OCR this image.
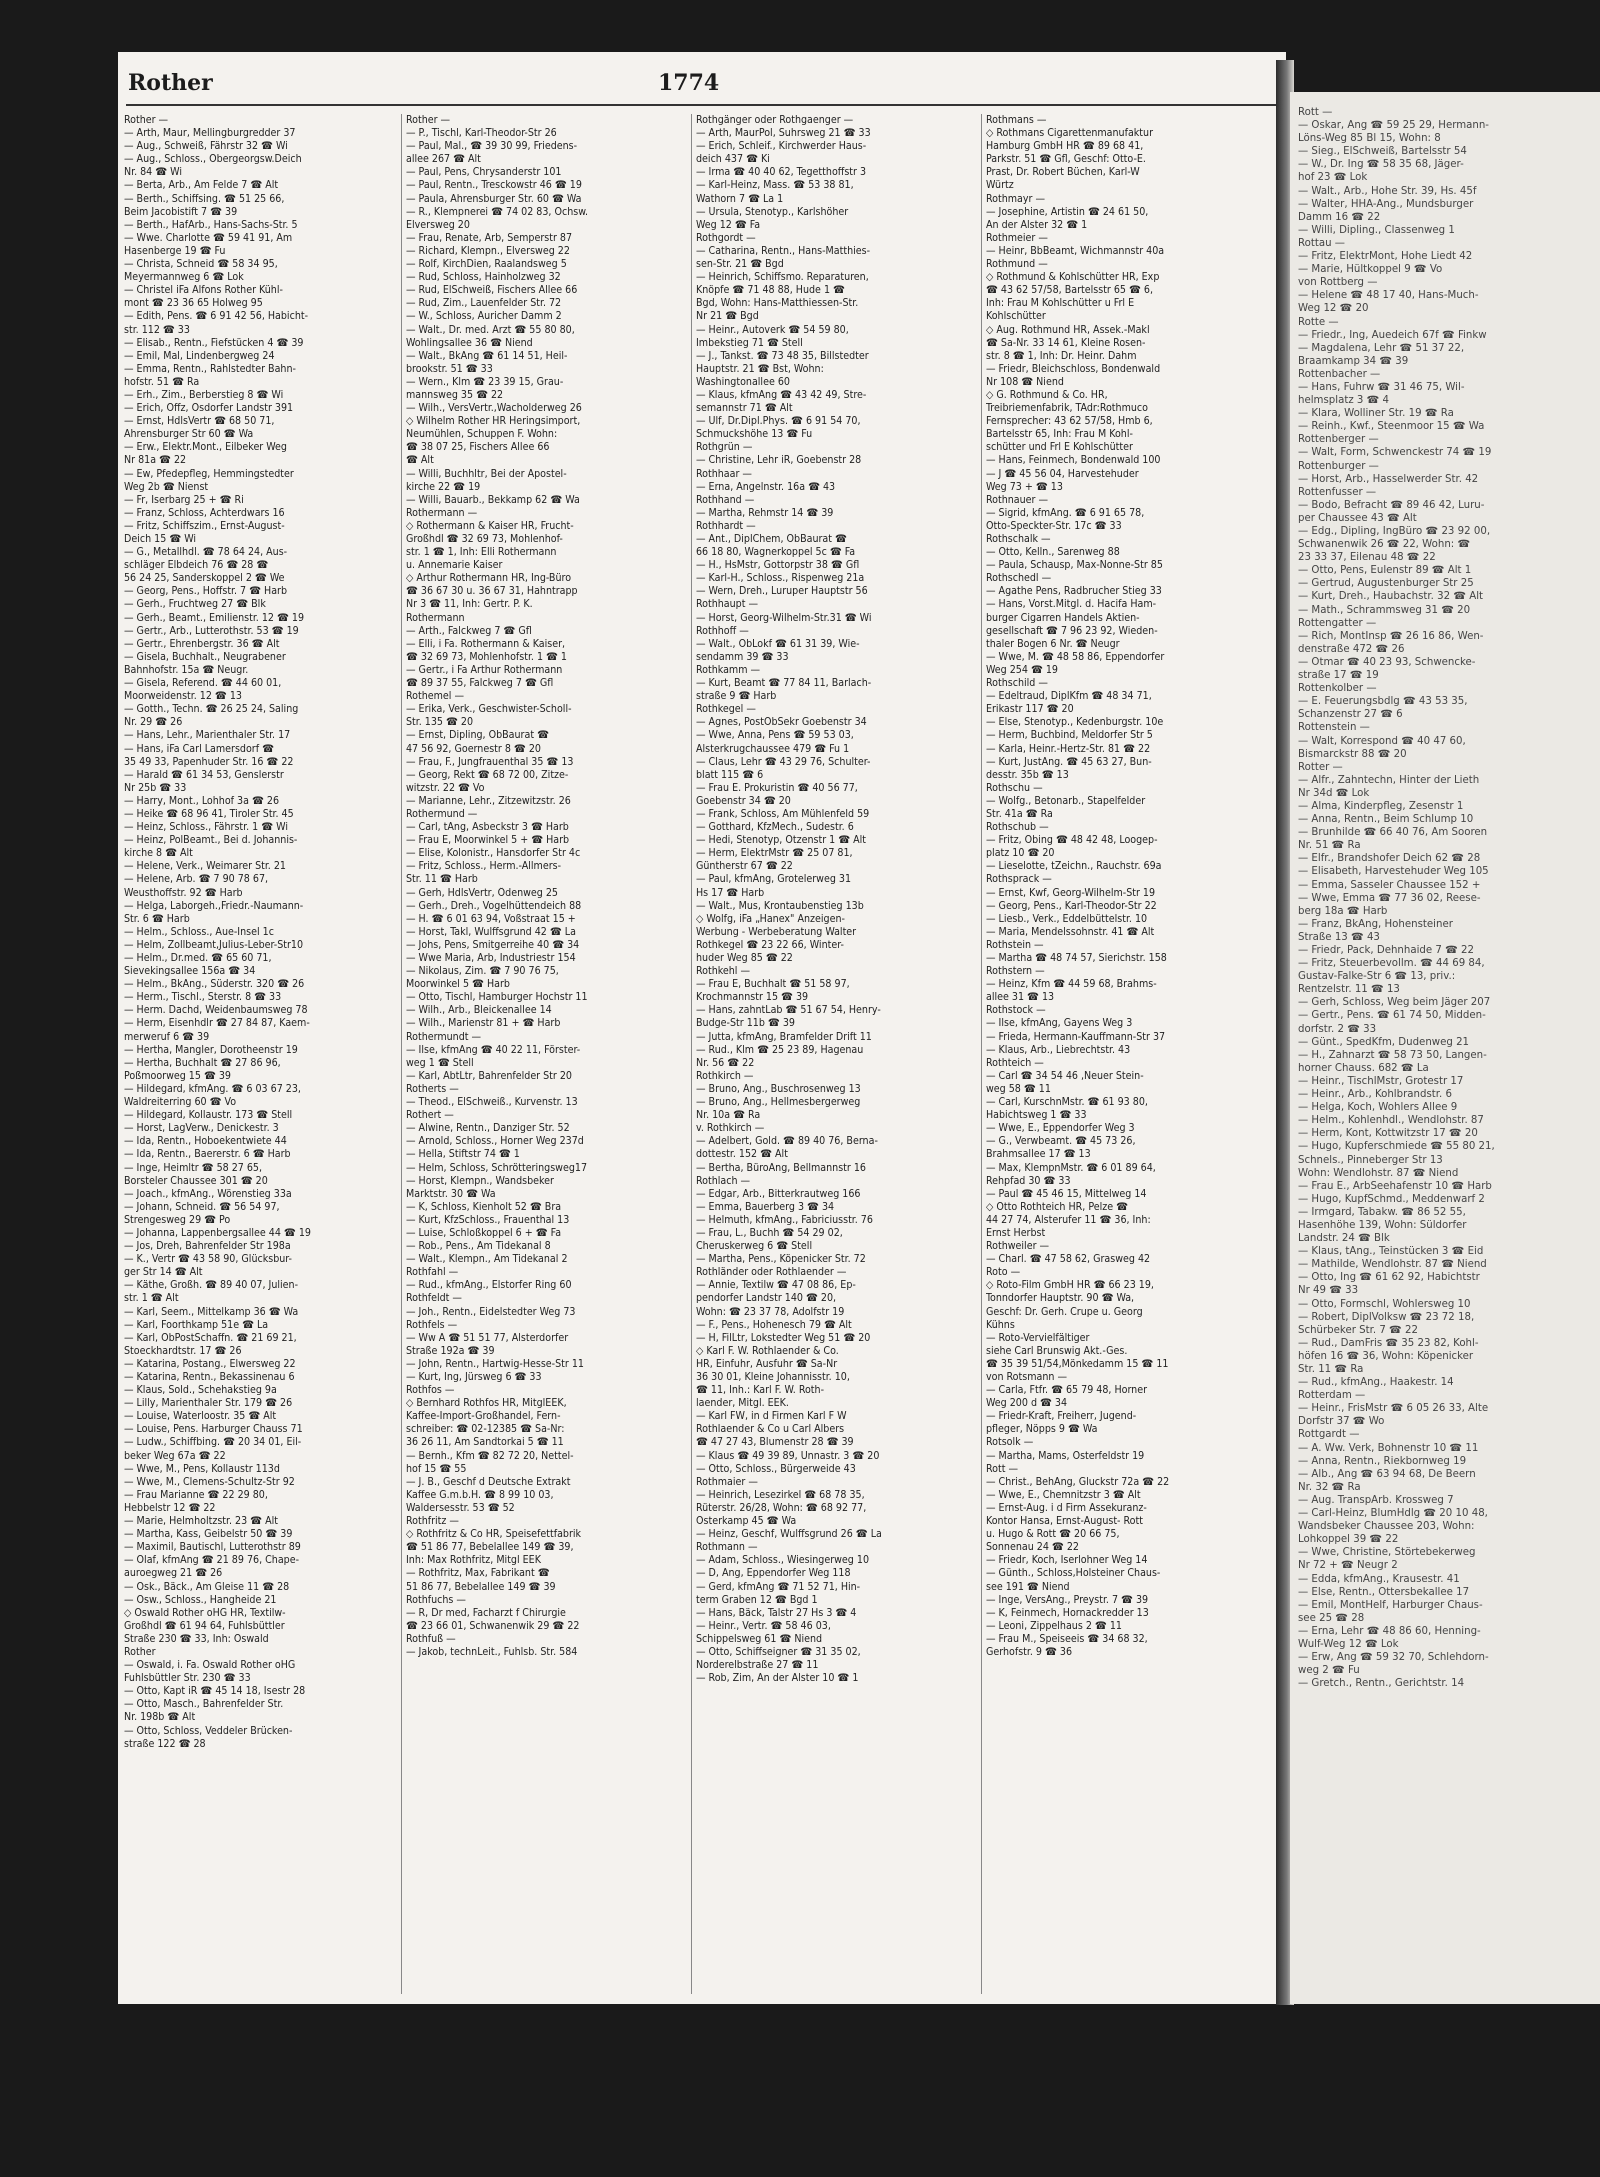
Rother	1774
Rother —
— Arth, Maur, Mellingburgredder 37
— Aug., Schweiß, Fährstr 32 ☎ Wi
— Aug., Schloss., Obergeorgsw.Deich
Nr. 84 ☎ Wi
— Berta, Arb., Am Felde 7 ☎ Alt
— Berth., Schiffsing. ☎ 51 25 66,
Beim Jacobistift 7 ☎ 39
— Berth., HafArb., Hans-Sachs-Str. 5
— Wwe. Charlotte ☎ 59 41 91, Am
Hasenberge 19 ☎ Fu
— Christa, Schneid ☎ 58 34 95,
Meyermannweg 6 ☎ Lok
— Christel iFa Alfons Rother Kühl-
mont ☎ 23 36 65 Holweg 95
— Edith, Pens. ☎ 6 91 42 56, Habicht-
str. 112 ☎ 33
— Elisab., Rentn., Fiefstücken 4 ☎ 39
— Emil, Mal, Lindenbergweg 24
— Emma, Rentn., Rahlstedter Bahn-
hofstr. 51 ☎ Ra
— Erh., Zim., Berberstieg 8 ☎ Wi
— Erich, Offz, Osdorfer Landstr 391
— Ernst, HdlsVertr ☎ 68 50 71,
Ahrensburger Str 60 ☎ Wa
— Erw., Elektr.Mont., Eilbeker Weg
Nr 81a ☎ 22
— Ew, Pfedepfleg, Hemmingstedter
Weg 2b ☎ Nienst
— Fr, Iserbarg 25 + ☎ Ri
— Franz, Schloss, Achterdwars 16
— Fritz, Schiffszim., Ernst-August-
Deich 15 ☎ Wi
— G., Metallhdl. ☎ 78 64 24, Aus-
schläger Elbdeich 76 ☎ 28 ☎
56 24 25, Sanderskoppel 2 ☎ We
— Georg, Pens., Hoffstr. 7 ☎ Harb
— Gerh., Fruchtweg 27 ☎ Blk
— Gerh., Beamt., Emilienstr. 12 ☎ 19
— Gertr., Arb., Lutterothstr. 53 ☎ 19
— Gertr., Ehrenbergstr. 36 ☎ Alt
— Gisela, Buchhalt., Neugrabener
Bahnhofstr. 15a ☎ Neugr.
— Gisela, Referend. ☎ 44 60 01,
Moorweidenstr. 12 ☎ 13
— Gotth., Techn. ☎ 26 25 24, Saling
Nr. 29 ☎ 26
— Hans, Lehr., Marienthaler Str. 17
— Hans, iFa Carl Lamersdorf ☎
35 49 33, Papenhuder Str. 16 ☎ 22
— Harald ☎ 61 34 53, Genslerstr
Nr 25b ☎ 33
— Harry, Mont., Lohhof 3a ☎ 26
— Heike ☎ 68 96 41, Tiroler Str. 45
— Heinz, Schloss., Fährstr. 1 ☎ Wi
— Heinz, PolBeamt., Bei d. Johannis-
kirche 8 ☎ Alt
— Helene, Verk., Weimarer Str. 21
— Helene, Arb. ☎ 7 90 78 67,
Weusthoffstr. 92 ☎ Harb
— Helga, Laborgeh.,Friedr.-Naumann-
Str. 6 ☎ Harb
— Helm., Schloss., Aue-Insel 1c
— Helm, Zollbeamt,Julius-Leber-Str10
— Helm., Dr.med. ☎ 65 60 71,
Sievekingsallee 156a ☎ 34
— Helm., BkAng., Süderstr. 320 ☎ 26
— Herm., Tischl., Sterstr. 8 ☎ 33
— Herm. Dachd, Weidenbaumsweg 78
— Herm, Eisenhdlr ☎ 27 84 87, Kaem-
merweruf 6 ☎ 39
— Hertha, Mangler, Dorotheenstr 19
— Hertha, Buchhalt ☎ 27 86 96,
Poßmoorweg 15 ☎ 39
— Hildegard, kfmAng. ☎ 6 03 67 23,
Waldreiterring 60 ☎ Vo
— Hildegard, Kollaustr. 173 ☎ Stell
— Horst, LagVerw., Denickestr. 3
— Ida, Rentn., Hoboekentwiete 44
— Ida, Rentn., Baererstr. 6 ☎ Harb
— Inge, Heimltr ☎ 58 27 65,
Borsteler Chaussee 301 ☎ 20
— Joach., kfmAng., Wörenstieg 33a
— Johann, Schneid. ☎ 56 54 97,
Strengesweg 29 ☎ Po
— Johanna, Lappenbergsallee 44 ☎ 19
— Jos, Dreh, Bahrenfelder Str 198a
— K., Vertr ☎ 43 58 90, Glücksbur-
ger Str 14 ☎ Alt
— Käthe, Großh. ☎ 89 40 07, Julien-
str. 1 ☎ Alt
— Karl, Seem., Mittelkamp 36 ☎ Wa
— Karl, Foorthkamp 51e ☎ La
— Karl, ObPostSchaffn. ☎ 21 69 21,
Stoeckhardtstr. 17 ☎ 26
— Katarina, Postang., Elwersweg 22
— Katarina, Rentn., Bekassinenau 6
— Klaus, Sold., Schehakstieg 9a
— Lilly, Marienthaler Str. 179 ☎ 26
— Louise, Waterloostr. 35 ☎ Alt
— Louise, Pens. Harburger Chauss 71
— Ludw., Schiffbing. ☎ 20 34 01, Eil-
beker Weg 67a ☎ 22
— Wwe, M., Pens, Kollaustr 113d
— Wwe, M., Clemens-Schultz-Str 92
— Frau Marianne ☎ 22 29 80,
Hebbelstr 12 ☎ 22
— Marie, Helmholtzstr. 23 ☎ Alt
— Martha, Kass, Geibelstr 50 ☎ 39
— Maximil, Bautischl, Lutterothstr 89
— Olaf, kfmAng ☎ 21 89 76, Chape-
auroegweg 21 ☎ 26
— Osk., Bäck., Am Gleise 11 ☎ 28
— Osw., Schloss., Hangheide 21
◇ Oswald Rother oHG HR, Textilw-
Großhdl ☎ 61 94 64, Fuhlsbüttler
Straße 230 ☎ 33, Inh: Oswald
Rother
— Oswald, i. Fa. Oswald Rother oHG
Fuhlsbüttler Str. 230 ☎ 33
— Otto, Kapt iR ☎ 45 14 18, Isestr 28
— Otto, Masch., Bahrenfelder Str.
Nr. 198b ☎ Alt
— Otto, Schloss, Veddeler Brücken-
straße 122 ☎ 28
Rother —
— P., Tischl, Karl-Theodor-Str 26
— Paul, Mal., ☎ 39 30 99, Friedens-
allee 267 ☎ Alt
— Paul, Pens, Chrysanderstr 101
— Paul, Rentn., Tresckowstr 46 ☎ 19
— Paula, Ahrensburger Str. 60 ☎ Wa
— R., Klempnerei ☎ 74 02 83, Ochsw.
Elversweg 20
— Frau, Renate, Arb, Semperstr 87
— Richard, Klempn., Elversweg 22
— Rolf, KirchDien, Raalandsweg 5
— Rud, Schloss, Hainholzweg 32
— Rud, ElSchweiß, Fischers Allee 66
— Rud, Zim., Lauenfelder Str. 72
— W., Schloss, Auricher Damm 2
— Walt., Dr. med. Arzt ☎ 55 80 80,
Wohlingsallee 36 ☎ Niend
— Walt., BkAng ☎ 61 14 51, Heil-
brookstr. 51 ☎ 33
— Wern., Klm ☎ 23 39 15, Grau-
mannsweg 35 ☎ 22
— Wilh., VersVertr.,Wacholderweg 26
◇ Wilhelm Rother HR Heringsimport,
Neumühlen, Schuppen F. Wohn:
☎ 38 07 25, Fischers Allee 66
☎ Alt
— Willi, Buchhltr, Bei der Apostel-
kirche 22 ☎ 19
— Willi, Bauarb., Bekkamp 62 ☎ Wa
Rothermann —
◇ Rothermann & Kaiser HR, Frucht-
Großhdl ☎ 32 69 73, Mohlenhof-
str. 1 ☎ 1, Inh: Elli Rothermann
u. Annemarie Kaiser
◇ Arthur Rothermann HR, Ing-Büro
☎ 36 67 30 u. 36 67 31, Hahntrapp
Nr 3 ☎ 11, Inh: Gertr. P. K.
Rothermann
— Arth., Falckweg 7 ☎ Gfl
— Elli, i Fa. Rothermann & Kaiser,
☎ 32 69 73, Mohlenhofstr. 1 ☎ 1
— Gertr., i Fa Arthur Rothermann
☎ 89 37 55, Falckweg 7 ☎ Gfl
Rothemel —
— Erika, Verk., Geschwister-Scholl-
Str. 135 ☎ 20
— Ernst, Dipling, ObBaurat ☎
47 56 92, Goernestr 8 ☎ 20
— Frau, F., Jungfrauenthal 35 ☎ 13
— Georg, Rekt ☎ 68 72 00, Zitze-
witzstr. 22 ☎ Vo
— Marianne, Lehr., Zitzewitzstr. 26
Rothermund —
— Carl, tAng, Asbeckstr 3 ☎ Harb
— Frau E, Moorwinkel 5 + ☎ Harb
— Elise, Kolonistr., Hansdorfer Str 4c
— Fritz, Schloss., Herm.-Allmers-
Str. 11 ☎ Harb
— Gerh, HdlsVertr, Ödenweg 25
— Gerh., Dreh., Vogelhüttendeich 88
— H. ☎ 6 01 63 94, Voßstraat 15 +
— Horst, Takl, Wulffsgrund 42 ☎ La
— Johs, Pens, Smitgerreihe 40 ☎ 34
— Wwe Maria, Arb, Industriestr 154
— Nikolaus, Zim. ☎ 7 90 76 75,
Moorwinkel 5 ☎ Harb
— Otto, Tischl, Hamburger Hochstr 11
— Wilh., Arb., Bleickenallee 14
— Wilh., Marienstr 81 + ☎ Harb
Rothermundt —
— Ilse, kfmAng ☎ 40 22 11, Förster-
weg 1 ☎ Stell
— Karl, AbtLtr, Bahrenfelder Str 20
Rotherts —
— Theod., ElSchweiß., Kurvenstr. 13
Rothert —
— Alwine, Rentn., Danziger Str. 52
— Arnold, Schloss., Horner Weg 237d
— Hella, Stiftstr 74 ☎ 1
— Helm, Schloss, Schrötteringsweg17
— Horst, Klempn., Wandsbeker
Marktstr. 30 ☎ Wa
— K, Schloss, Kienholt 52 ☎ Bra
— Kurt, KfzSchloss., Frauenthal 13
— Luise, Schloßkoppel 6 + ☎ Fa
— Rob., Pens., Am Tidekanal 8
— Walt., Klempn., Am Tidekanal 2
Rothfahl —
— Rud., kfmAng., Elstorfer Ring 60
Rothfeldt —
— Joh., Rentn., Eidelstedter Weg 73
Rothfels —
— Ww A ☎ 51 51 77, Alsterdorfer
Straße 192a ☎ 39
— John, Rentn., Hartwig-Hesse-Str 11
— Kurt, Ing, Jürsweg 6 ☎ 33
Rothfos —
◇ Bernhard Rothfos HR, MitglEEK,
Kaffee-Import-Großhandel, Fern-
schreiber: ☎ 02-12385 ☎ Sa-Nr:
36 26 11, Am Sandtorkai 5 ☎ 11
— Bernh., Kfm ☎ 82 72 20, Nettel-
hof 15 ☎ 55
— J. B., Geschf d Deutsche Extrakt
Kaffee G.m.b.H. ☎ 8 99 10 03,
Waldersesstr. 53 ☎ 52
Rothfritz —
◇ Rothfritz & Co HR, Speisefettfabrik
☎ 51 86 77, Bebelallee 149 ☎ 39,
Inh: Max Rothfritz, Mitgl EEK
— Rothfritz, Max, Fabrikant ☎
51 86 77, Bebelallee 149 ☎ 39
Rothfuchs —
— R, Dr med, Facharzt f Chirurgie
☎ 23 66 01, Schwanenwik 29 ☎ 22
Rothfuß —
— Jakob, technLeit., Fuhlsb. Str. 584
Rothgänger oder Rothgaenger —
— Arth, MaurPol, Suhrsweg 21 ☎ 33
— Erich, Schleif., Kirchwerder Haus-
deich 437 ☎ Ki
— Irma ☎ 40 40 62, Tegetthoffstr 3
— Karl-Heinz, Mass. ☎ 53 38 81,
Wathorn 7 ☎ La 1
— Ursula, Stenotyp., Karlshöher
Weg 12 ☎ Fa
Rothgordt —
— Catharina, Rentn., Hans-Matthies-
sen-Str. 21 ☎ Bgd
— Heinrich, Schiffsmo. Reparaturen,
Knöpfe ☎ 71 48 88, Hude 1 ☎
Bgd, Wohn: Hans-Matthiessen-Str.
Nr 21 ☎ Bgd
— Heinr., Autoverk ☎ 54 59 80,
Imbekstieg 71 ☎ Stell
— J., Tankst. ☎ 73 48 35, Billstedter
Hauptstr. 21 ☎ Bst, Wohn:
Washingtonallee 60
— Klaus, kfmAng ☎ 43 42 49, Stre-
semannstr 71 ☎ Alt
— Ulf, Dr.Dipl.Phys. ☎ 6 91 54 70,
Schmuckshöhe 13 ☎ Fu
Rothgrün —
— Christine, Lehr iR, Goebenstr 28
Rothhaar —
— Erna, Angelnstr. 16a ☎ 43
Rothhand —
— Martha, Rehmstr 14 ☎ 39
Rothhardt —
— Ant., DiplChem, ObBaurat ☎
66 18 80, Wagnerkoppel 5c ☎ Fa
— H., HsMstr, Gottorpstr 38 ☎ Gfl
— Karl-H., Schloss., Rispenweg 21a
— Wern, Dreh., Luruper Hauptstr 56
Rothhaupt —
— Horst, Georg-Wilhelm-Str.31 ☎ Wi
Rothhoff —
— Walt., ObLokf ☎ 61 31 39, Wie-
sendamm 39 ☎ 33
Rothkamm —
— Kurt, Beamt ☎ 77 84 11, Barlach-
straße 9 ☎ Harb
Rothkegel —
— Agnes, PostObSekr Goebenstr 34
— Wwe, Anna, Pens ☎ 59 53 03,
Alsterkrugchaussee 479 ☎ Fu 1
— Claus, Lehr ☎ 43 29 76, Schulter-
blatt 115 ☎ 6
— Frau E. Prokuristin ☎ 40 56 77,
Goebenstr 34 ☎ 20
— Frank, Schloss, Am Mühlenfeld 59
— Gotthard, KfzMech., Sudestr. 6
— Hedi, Stenotyp, Otzenstr 1 ☎ Alt
— Herm, ElektrMstr ☎ 25 07 81,
Güntherstr 67 ☎ 22
— Paul, kfmAng, Grotelerweg 31
Hs 17 ☎ Harb
— Walt., Mus, Krontaubenstieg 13b
◇ Wolfg, iFa „Hanex" Anzeigen-
Werbung - Werbeberatung Walter
Rothkegel ☎ 23 22 66, Winter-
huder Weg 85 ☎ 22
Rothkehl —
— Frau E, Buchhalt ☎ 51 58 97,
Krochmannstr 15 ☎ 39
— Hans, zahntLab ☎ 51 67 54, Henry-
Budge-Str 11b ☎ 39
— Jutta, kfmAng, Bramfelder Drift 11
— Rud., Klm ☎ 25 23 89, Hagenau
Nr. 56 ☎ 22
Rothkirch —
— Bruno, Ang., Buschrosenweg 13
— Bruno, Ang., Hellmesbergerweg
Nr. 10a ☎ Ra
v. Rothkirch —
— Adelbert, Gold. ☎ 89 40 76, Berna-
dottestr. 152 ☎ Alt
— Bertha, BüroAng, Bellmannstr 16
Rothlach —
— Edgar, Arb., Bitterkrautweg 166
— Emma, Bauerberg 3 ☎ 34
— Helmuth, kfmAng., Fabriciusstr. 76
— Frau, L., Buchh ☎ 54 29 02,
Cheruskerweg 6 ☎ Stell
— Martha, Pens., Köpenicker Str. 72
Rothländer oder Rothlaender —
— Annie, Textilw ☎ 47 08 86, Ep-
pendorfer Landstr 140 ☎ 20,
Wohn: ☎ 23 37 78, Adolfstr 19
— F., Pens., Hohenesch 79 ☎ Alt
— H, FilLtr, Lokstedter Weg 51 ☎ 20
◇ Karl F. W. Rothlaender & Co.
HR, Einfuhr, Ausfuhr ☎ Sa-Nr
36 30 01, Kleine Johannisstr. 10,
☎ 11, Inh.: Karl F. W. Roth-
laender, Mitgl. EEK.
— Karl FW, in d Firmen Karl F W
Rothlaender & Co u Carl Albers
☎ 47 27 43, Blumenstr 28 ☎ 39
— Klaus ☎ 49 39 89, Unnastr. 3 ☎ 20
— Otto, Schloss., Bürgerweide 43
Rothmaier —
— Heinrich, Lesezirkel ☎ 68 78 35,
Rüterstr. 26/28, Wohn: ☎ 68 92 77,
Osterkamp 45 ☎ Wa
— Heinz, Geschf, Wulffsgrund 26 ☎ La
Rothmann —
— Adam, Schloss., Wiesingerweg 10
— D, Ang, Eppendorfer Weg 118
— Gerd, kfmAng ☎ 71 52 71, Hin-
term Graben 12 ☎ Bgd 1
— Hans, Bäck, Talstr 27 Hs 3 ☎ 4
— Heinr., Vertr. ☎ 58 46 03,
Schippelsweg 61 ☎ Niend
— Otto, Schiffseigner ☎ 31 35 02,
Norderelbstraße 27 ☎ 11
— Rob, Zim, An der Alster 10 ☎ 1
Rothmans —
◇ Rothmans Cigarettenmanufaktur
Hamburg GmbH HR ☎ 89 68 41,
Parkstr. 51 ☎ Gfl, Geschf: Otto-E.
Prast, Dr. Robert Büchen, Karl-W
Würtz
Rothmayr —
— Josephine, Artistin ☎ 24 61 50,
An der Alster 32 ☎ 1
Rothmeier —
— Heinr, BbBeamt, Wichmannstr 40a
Rothmund —
◇ Rothmund & Kohlschütter HR, Exp
☎ 43 62 57/58, Bartelsstr 65 ☎ 6,
Inh: Frau M Kohlschütter u Frl E
Kohlschütter
◇ Aug. Rothmund HR, Assek.-Makl
☎ Sa-Nr. 33 14 61, Kleine Rosen-
str. 8 ☎ 1, Inh: Dr. Heinr. Dahm
— Friedr, Bleichschloss, Bondenwald
Nr 108 ☎ Niend
◇ G. Rothmund & Co. HR,
Treibriemenfabrik, TAdr:Rothmuco
Fernsprecher: 43 62 57/58, Hmb 6,
Bartelsstr 65, Inh: Frau M Kohl-
schütter und Frl E Kohlschütter
— Hans, Feinmech, Bondenwald 100
— J ☎ 45 56 04, Harvestehuder
Weg 73 + ☎ 13
Rothnauer —
— Sigrid, kfmAng. ☎ 6 91 65 78,
Otto-Speckter-Str. 17c ☎ 33
Rothschalk —
— Otto, Kelln., Sarenweg 88
— Paula, Schausp, Max-Nonne-Str 85
Rothschedl —
— Agathe Pens, Radbrucher Stieg 33
— Hans, Vorst.Mitgl. d. Hacifa Ham-
burger Cigarren Handels Aktien-
gesellschaft ☎ 7 96 23 92, Wieden-
thaler Bogen 6 Nr. ☎ Neugr
— Wwe, M. ☎ 48 58 86, Eppendorfer
Weg 254 ☎ 19
Rothschild —
— Edeltraud, DiplKfm ☎ 48 34 71,
Erikastr 117 ☎ 20
— Else, Stenotyp., Kedenburgstr. 10e
— Herm, Buchbind, Meldorfer Str 5
— Karla, Heinr.-Hertz-Str. 81 ☎ 22
— Kurt, JustAng. ☎ 45 63 27, Bun-
desstr. 35b ☎ 13
Rothschu —
— Wolfg., Betonarb., Stapelfelder
Str. 41a ☎ Ra
Rothschub —
— Fritz, Obing ☎ 48 42 48, Loogep-
platz 10 ☎ 20
— Lieselotte, tZeichn., Rauchstr. 69a
Rothsprack —
— Ernst, Kwf, Georg-Wilhelm-Str 19
— Georg, Pens., Karl-Theodor-Str 22
— Liesb., Verk., Eddelbüttelstr. 10
— Maria, Mendelssohnstr. 41 ☎ Alt
Rothstein —
— Martha ☎ 48 74 57, Sierichstr. 158
Rothstern —
— Heinz, Kfm ☎ 44 59 68, Brahms-
allee 31 ☎ 13
Rothstock —
— Ilse, kfmAng, Gayens Weg 3
— Frieda, Hermann-Kauffmann-Str 37
— Klaus, Arb., Liebrechtstr. 43
Rothteich —
— Carl ☎ 34 54 46 ,Neuer Stein-
weg 58 ☎ 11
— Carl, KurschnMstr. ☎ 61 93 80,
Habichtsweg 1 ☎ 33
— Wwe, E., Eppendorfer Weg 3
— G., Verwbeamt. ☎ 45 73 26,
Brahmsallee 17 ☎ 13
— Max, KlempnMstr. ☎ 6 01 89 64,
Rehpfad 30 ☎ 33
— Paul ☎ 45 46 15, Mittelweg 14
◇ Otto Rothteich HR, Pelze ☎
44 27 74, Alsterufer 11 ☎ 36, Inh:
Ernst Herbst
Rothweiler —
— Charl. ☎ 47 58 62, Grasweg 42
Roto —
◇ Roto-Film GmbH HR ☎ 66 23 19,
Tonndorfer Hauptstr. 90 ☎ Wa,
Geschf: Dr. Gerh. Crupe u. Georg
Kühns
— Roto-Vervielfältiger
siehe Carl Brunswig Akt.-Ges.
☎ 35 39 51/54,Mönkedamm 15 ☎ 11
von Rotsmann —
— Carla, Ftfr. ☎ 65 79 48, Horner
Weg 200 d ☎ 34
— Friedr-Kraft, Freiherr, Jugend-
pfleger, Nöpps 9 ☎ Wa
Rotsolk —
— Martha, Mams, Osterfeldstr 19
Rott —
— Christ., BehAng, Gluckstr 72a ☎ 22
— Wwe, E., Chemnitzstr 3 ☎ Alt
— Ernst-Aug. i d Firm Assekuranz-
Kontor Hansa, Ernst-August- Rott
u. Hugo & Rott ☎ 20 66 75,
Sonnenau 24 ☎ 22
— Friedr, Koch, Iserlohner Weg 14
— Günth., Schloss,Holsteiner Chaus-
see 191 ☎ Niend
— Inge, VersAng., Preystr. 7 ☎ 39
— K, Feinmech, Hornackredder 13
— Leoni, Zippelhaus 2 ☎ 11
— Frau M., Speiseeis ☎ 34 68 32,
Gerhofstr. 9 ☎ 36
Rott —
— Oskar, Ang ☎ 59 25 29, Hermann-
Löns-Weg 85 Bl 15, Wohn: 8
— Sieg., ElSchweiß, Bartelsstr 54
— W., Dr. Ing ☎ 58 35 68, Jäger-
hof 23 ☎ Lok
— Walt., Arb., Hohe Str. 39, Hs. 45f
— Walter, HHA-Ang., Mundsburger
Damm 16 ☎ 22
— Willi, Dipling., Classenweg 1
Rottau —
— Fritz, ElektrMont, Hohe Liedt 42
— Marie, Hültkoppel 9 ☎ Vo
von Rottberg —
— Helene ☎ 48 17 40, Hans-Much-
Weg 12 ☎ 20
Rotte —
— Friedr., Ing, Auedeich 67f ☎ Finkw
— Magdalena, Lehr ☎ 51 37 22,
Braamkamp 34 ☎ 39
Rottenbacher —
— Hans, Fuhrw ☎ 31 46 75, Wil-
helmsplatz 3 ☎ 4
— Klara, Wolliner Str. 19 ☎ Ra
— Reinh., Kwf., Steenmoor 15 ☎ Wa
Rottenberger —
— Walt, Form, Schwenckestr 74 ☎ 19
Rottenburger —
— Horst, Arb., Hasselwerder Str. 42
Rottenfusser —
— Bodo, Befracht ☎ 89 46 42, Luru-
per Chaussee 43 ☎ Alt
— Edg., Dipling, IngBüro ☎ 23 92 00,
Schwanenwik 26 ☎ 22, Wohn: ☎
23 33 37, Eilenau 48 ☎ 22
— Otto, Pens, Eulenstr 89 ☎ Alt 1
— Gertrud, Augustenburger Str 25
— Kurt, Dreh., Haubachstr. 32 ☎ Alt
— Math., Schrammsweg 31 ☎ 20
Rottengatter —
— Rich, MontInsp ☎ 26 16 86, Wen-
denstraße 472 ☎ 26
— Otmar ☎ 40 23 93, Schwencke-
straße 17 ☎ 19
Rottenkolber —
— E. Feuerungsbdlg ☎ 43 53 35,
Schanzenstr 27 ☎ 6
Rottenstein —
— Walt, Korrespond ☎ 40 47 60,
Bismarckstr 88 ☎ 20
Rotter —
— Alfr., Zahntechn, Hinter der Lieth
Nr 34d ☎ Lok
— Alma, Kinderpfleg, Zesenstr 1
— Anna, Rentn., Beim Schlump 10
— Brunhilde ☎ 66 40 76, Am Sooren
Nr. 51 ☎ Ra
— Elfr., Brandshofer Deich 62 ☎ 28
— Elisabeth, Harvestehuder Weg 105
— Emma, Sasseler Chaussee 152 +
— Wwe, Emma ☎ 77 36 02, Reese-
berg 18a ☎ Harb
— Franz, BkAng, Hohensteiner
Straße 13 ☎ 43
— Friedr, Pack, Dehnhaide 7 ☎ 22
— Fritz, Steuerbevollm. ☎ 44 69 84,
Gustav-Falke-Str 6 ☎ 13, priv.:
Rentzelstr. 11 ☎ 13
— Gerh, Schloss, Weg beim Jäger 207
— Gertr., Pens. ☎ 61 74 50, Midden-
dorfstr. 2 ☎ 33
— Günt., SpedKfm, Dudenweg 21
— H., Zahnarzt ☎ 58 73 50, Langen-
horner Chauss. 682 ☎ La
— Heinr., TischlMstr, Grotestr 17
— Heinr., Arb., Kohlbrandstr. 6
— Helga, Koch, Wohlers Allee 9
— Helm., Kohlenhdl., Wendlohstr. 87
— Herm, Kont, Kottwitzstr 17 ☎ 20
— Hugo, Kupferschmiede ☎ 55 80 21,
Schnels., Pinneberger Str 13
Wohn: Wendlohstr. 87 ☎ Niend
— Frau E., ArbSeehafenstr 10 ☎ Harb
— Hugo, KupfSchmd., Meddenwarf 2
— Irmgard, Tabakw. ☎ 86 52 55,
Hasenhöhe 139, Wohn: Süldorfer
Landstr. 24 ☎ Blk
— Klaus, tAng., Teinstücken 3 ☎ Eid
— Mathilde, Wendlohstr. 87 ☎ Niend
— Otto, Ing ☎ 61 62 92, Habichtstr
Nr 49 ☎ 33
— Otto, Formschl, Wohlersweg 10
— Robert, DiplVolksw ☎ 23 72 18,
Schürbeker Str. 7 ☎ 22
— Rud., DamFris ☎ 35 23 82, Kohl-
höfen 16 ☎ 36, Wohn: Köpenicker
Str. 11 ☎ Ra
— Rud., kfmAng., Haakestr. 14
Rotterdam —
— Heinr., FrisMstr ☎ 6 05 26 33, Alte
Dorfstr 37 ☎ Wo
Rottgardt —
— A. Ww. Verk, Bohnenstr 10 ☎ 11
— Anna, Rentn., Riekbornweg 19
— Alb., Ang ☎ 63 94 68, De Beern
Nr. 32 ☎ Ra
— Aug. TranspArb. Krossweg 7
— Carl-Heinz, BlumHdlg ☎ 20 10 48,
Wandsbeker Chaussee 203, Wohn:
Lohkoppel 39 ☎ 22
— Wwe, Christine, Störtebekerweg
Nr 72 + ☎ Neugr 2
— Edda, kfmAng., Krausestr. 41
— Else, Rentn., Ottersbekallee 17
— Emil, MontHelf, Harburger Chaus-
see 25 ☎ 28
— Erna, Lehr ☎ 48 86 60, Henning-
Wulf-Weg 12 ☎ Lok
— Erw, Ang ☎ 59 32 70, Schlehdorn-
weg 2 ☎ Fu
— Gretch., Rentn., Gerichtstr. 14
